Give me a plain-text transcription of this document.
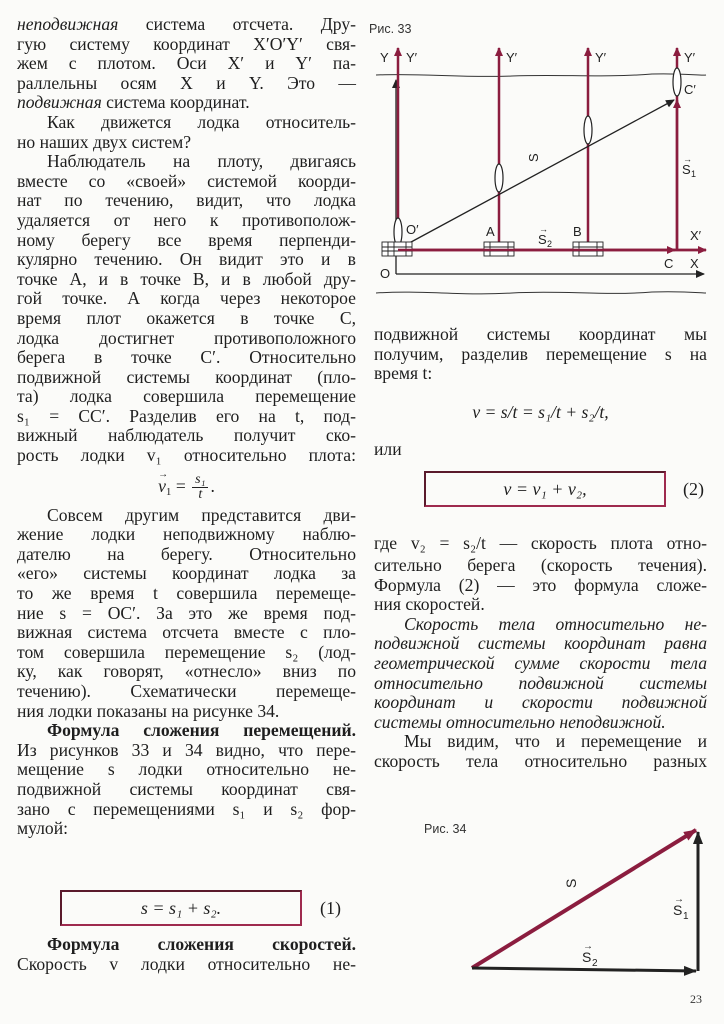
неподвижная система отсчета. Дру-
гую систему координат X′O′Y′ свя-
жем с плотом. Оси X′ и Y′ па-
раллельны осям X и Y. Это —
подвижная система координат.
Как движется лодка относитель-
но наших двух систем?
Наблюдатель на плоту, двигаясь
вместе со «своей» системой коорди-
нат по течению, видит, что лодка
удаляется от него к противополож-
ному берегу все время перпенди-
кулярно течению. Он видит это и в
точке A, и в точке B, и в любой дру-
гой точке. А когда через некоторое
время плот окажется в точке C,
лодка достигнет противоположного
берега в точке C′. Относительно
подвижной системы координат (пло-
та) лодка совершила перемещение
s₁ = CC′. Разделив его на t, под-
вижный наблюдатель получит ско-
рость лодки v₁ относительно плота:
→ $v_1 = \frac{\text{s₁}}{t}$ .
Совсем другим представится дви-
жение лодки неподвижному наблю-
дателю на берегу. Относительно
«его» системы координат лодка за
то же время t совершила перемеще-
ние s = OC′. За это же время под-
вижная система отсчета вместе с пло-
том совершила перемещение s₂ (лод-
ку, как говорят, «отнесло» вниз по
течению). Схематически перемеще-
ния лодки показаны на рисунке 34.
Формула сложения перемещений.
Из рисунков 33 и 34 видно, что пере-
мещение s лодки относительно не-
подвижной системы координат свя-
зано с перемещениями s₁ и s₂ фор-
мулой:
s = s₁ + s₂.	(1)
Формула сложения скоростей.
Скорость v лодки относительно не-
Рис. 33
Y Y′	Y′	Y′	Y′
C′
O′	A	B
O
C X
X′
S
S 1
→
S 2
→
подвижной системы координат мы
получим, разделив перемещение s на
время t:
v = s/t = s₁/t + s₂/t,
или
v = v₁ + v₂,	(2)
где v₂ = s₂/t — скорость плота отно-
сительно берега (скорость течения).
Формула (2) — это формула сложе-
ния скоростей.
Скорость тела относительно не-
подвижной системы координат равна
геометрической сумме скорости тела
относительно подвижной системы
координат и скорости подвижной
системы относительно неподвижной.
Мы видим, что и перемещение и
скорость тела относительно разных
Рис. 34
S
S 1
→
S 2
→
23
